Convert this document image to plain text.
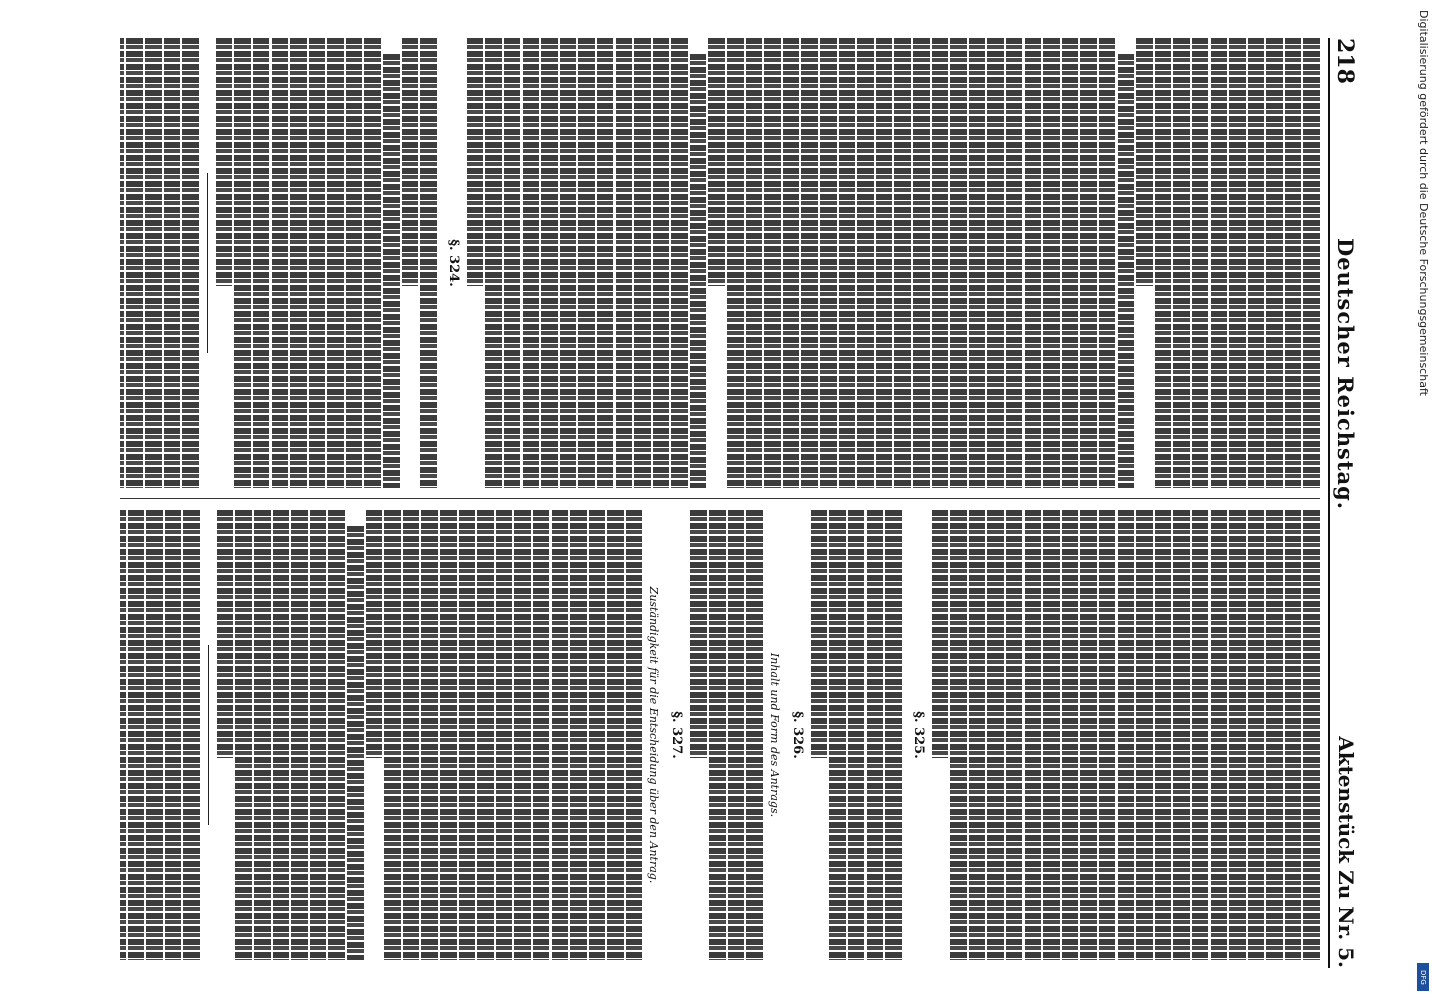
218
Deutscher Reichstag.
Aktenstück Zu Nr. 5.
§. 324.
§. 325.
§. 326.
Inhalt und Form des Antrags.
§. 327.
Zuständigkeit für die Entscheidung über den Antrag.
Digitalisierung gefördert durch die Deutsche Forschungsgemeinschaft
DFG
